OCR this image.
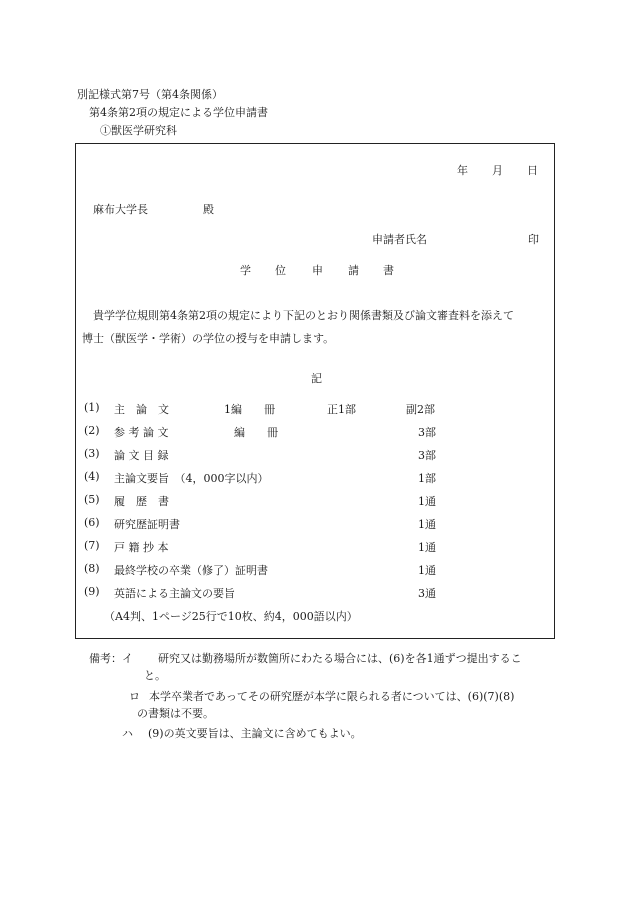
別記様式第7号（第4条関係）
第4条第2項の規定による学位申請書
①獣医学研究科
年 月 日
麻布大学長	殿
申請者氏名	印
学 位 申 請 書
貴学学位規則第4条第2項の規定により下記のとおり関係書類及び論文審査料を添えて
博士（獣医学・学術）の学位の授与を申請します。
記
(1) 主　論　文	1編　　冊	正1部	副2部
(2) 参 考 論 文	編　　冊	3部
(3) 論 文 目 録	3部
(4) 主論文要旨　（4，000字以内）	1部
(5) 履　歴　書	1通
(6) 研究歴証明書	1通
(7) 戸 籍 抄 本	1通
(8) 最終学校の卒業（修了）証明書	1通
(9) 英語による主論文の要旨	3通
（A4判、1ページ25行で10枚、約4，000語以内）
備考：イ 研究又は勤務場所が数箇所にわたる場合には、(6)を各1通ずつ提出するこ
と。
ロ 本学卒業者であってその研究歴が本学に限られる者については、(6)(7)(8)
の書類は不要。
ハ (9)の英文要旨は、主論文に含めてもよい。
